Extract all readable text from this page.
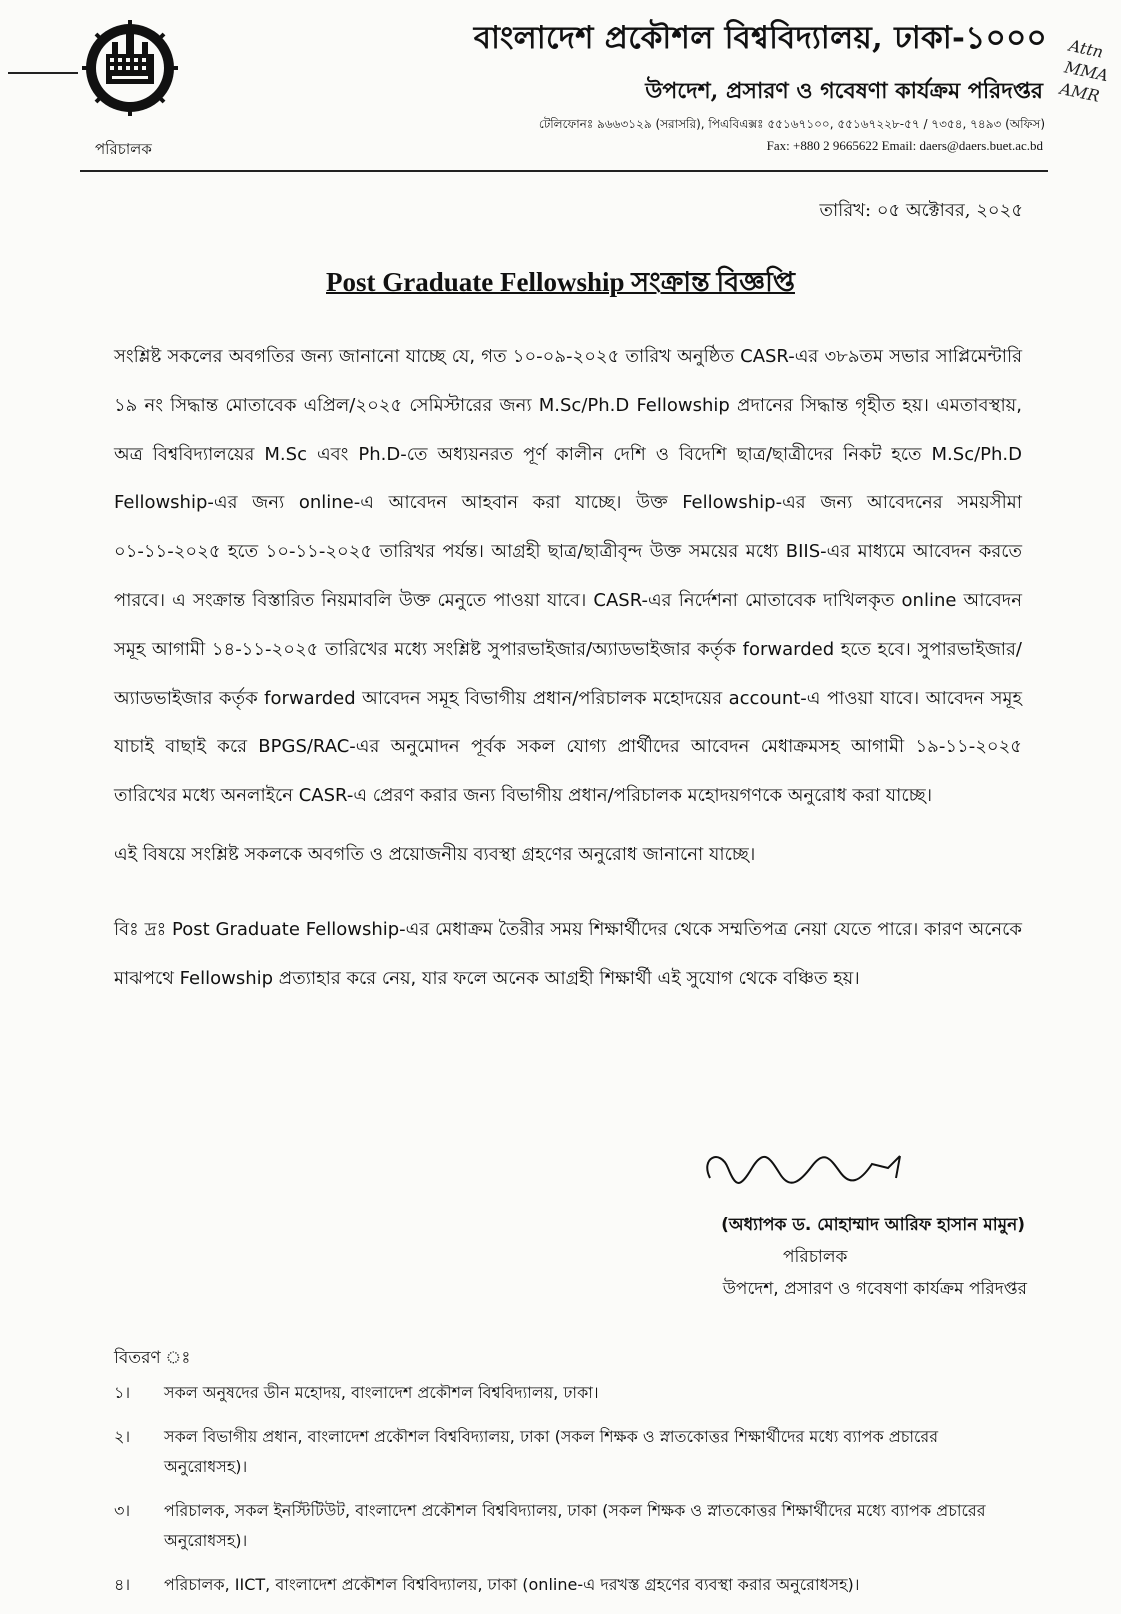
পরিচালক
বাংলাদেশ প্রকৌশল বিশ্ববিদ্যালয়, ঢাকা-১০০০
উপদেশ, প্রসারণ ও গবেষণা কার্যক্রম পরিদপ্তর
টেলিফোনঃ ৯৬৬৩১২৯ (সরাসরি), পিএবিএক্সঃ ৫৫১৬৭১০০, ৫৫১৬৭২২৮-৫৭ / ৭৩৫৪, ৭৪৯৩ (অফিস)
Fax: +880 2 9665622 Email: daers@daers.buet.ac.bd
Attn
MMA
AMR
তারিখ: ০৫ অক্টোবর, ২০২৫
Post Graduate Fellowship সংক্রান্ত বিজ্ঞপ্তি

সংশ্লিষ্ট সকলের অবগতির জন্য জানানো যাচ্ছে যে, গত ১০-০৯-২০২৫ তারিখ অনুষ্ঠিত CASR-এর ৩৮৯তম সভার সাপ্লিমেন্টারি ১৯ নং সিদ্ধান্ত মোতাবেক এপ্রিল/২০২৫ সেমিস্টারের জন্য M.Sc/Ph.D Fellowship প্রদানের সিদ্ধান্ত গৃহীত হয়। এমতাবস্থায়, অত্র বিশ্ববিদ্যালয়ের M.Sc এবং Ph.D-তে অধ্যয়নরত পূর্ণ কালীন দেশি ও বিদেশি ছাত্র/ছাত্রীদের নিকট হতে M.Sc/Ph.D Fellowship-এর জন্য online-এ আবেদন আহবান করা যাচ্ছে। উক্ত Fellowship-এর জন্য আবেদনের সময়সীমা ০১-১১-২০২৫ হতে ১০-১১-২০২৫ তারিখর পর্যন্ত। আগ্রহী ছাত্র/ছাত্রীবৃন্দ উক্ত সময়ের মধ্যে BIIS-এর মাধ্যমে আবেদন করতে পারবে। এ সংক্রান্ত বিস্তারিত নিয়মাবলি উক্ত মেনুতে পাওয়া যাবে। CASR-এর নির্দেশনা মোতাবেক দাখিলকৃত online আবেদন সমূহ আগামী ১৪-১১-২০২৫ তারিখের মধ্যে সংশ্লিষ্ট সুপারভাইজার/অ্যাডভাইজার কর্তৃক forwarded হতে হবে। সুপারভাইজার/অ্যাডভাইজার কর্তৃক forwarded আবেদন সমূহ বিভাগীয় প্রধান/পরিচালক মহোদয়ের account-এ পাওয়া যাবে। আবেদন সমূহ যাচাই বাছাই করে BPGS/RAC-এর অনুমোদন পূর্বক সকল যোগ্য প্রার্থীদের আবেদন মেধাক্রমসহ আগামী ১৯-১১-২০২৫ তারিখের মধ্যে অনলাইনে CASR-এ প্রেরণ করার জন্য বিভাগীয় প্রধান/পরিচালক মহোদয়গণকে অনুরোধ করা যাচ্ছে।

এই বিষয়ে সংশ্লিষ্ট সকলকে অবগতি ও প্রয়োজনীয় ব্যবস্থা গ্রহণের অনুরোধ জানানো যাচ্ছে।

বিঃ দ্রঃ Post Graduate Fellowship-এর মেধাক্রম তৈরীর সময় শিক্ষার্থীদের থেকে সম্মতিপত্র নেয়া যেতে পারে। কারণ অনেকে মাঝপথে Fellowship প্রত্যাহার করে নেয়, যার ফলে অনেক আগ্রহী শিক্ষার্থী এই সুযোগ থেকে বঞ্চিত হয়।

আরিফ হাসান
(অধ্যাপক ড. মোহাম্মাদ আরিফ হাসান মামুন)
পরিচালক
উপদেশ, প্রসারণ ও গবেষণা কার্যক্রম পরিদপ্তর
বিতরণ ঃ
১।	সকল অনুষদের ডীন মহোদয়, বাংলাদেশ প্রকৌশল বিশ্ববিদ্যালয়, ঢাকা।
২।	সকল বিভাগীয় প্রধান, বাংলাদেশ প্রকৌশল বিশ্ববিদ্যালয়, ঢাকা (সকল শিক্ষক ও স্নাতকোত্তর শিক্ষার্থীদের মধ্যে ব্যাপক প্রচারের অনুরোধসহ)।
৩।	পরিচালক, সকল ইনস্টিটিউট, বাংলাদেশ প্রকৌশল বিশ্ববিদ্যালয়, ঢাকা (সকল শিক্ষক ও স্নাতকোত্তর শিক্ষার্থীদের মধ্যে ব্যাপক প্রচারের অনুরোধসহ)।
৪।	পরিচালক, IICT, বাংলাদেশ প্রকৌশল বিশ্ববিদ্যালয়, ঢাকা (online-এ দরখস্ত গ্রহণের ব্যবস্থা করার অনুরোধসহ)।
